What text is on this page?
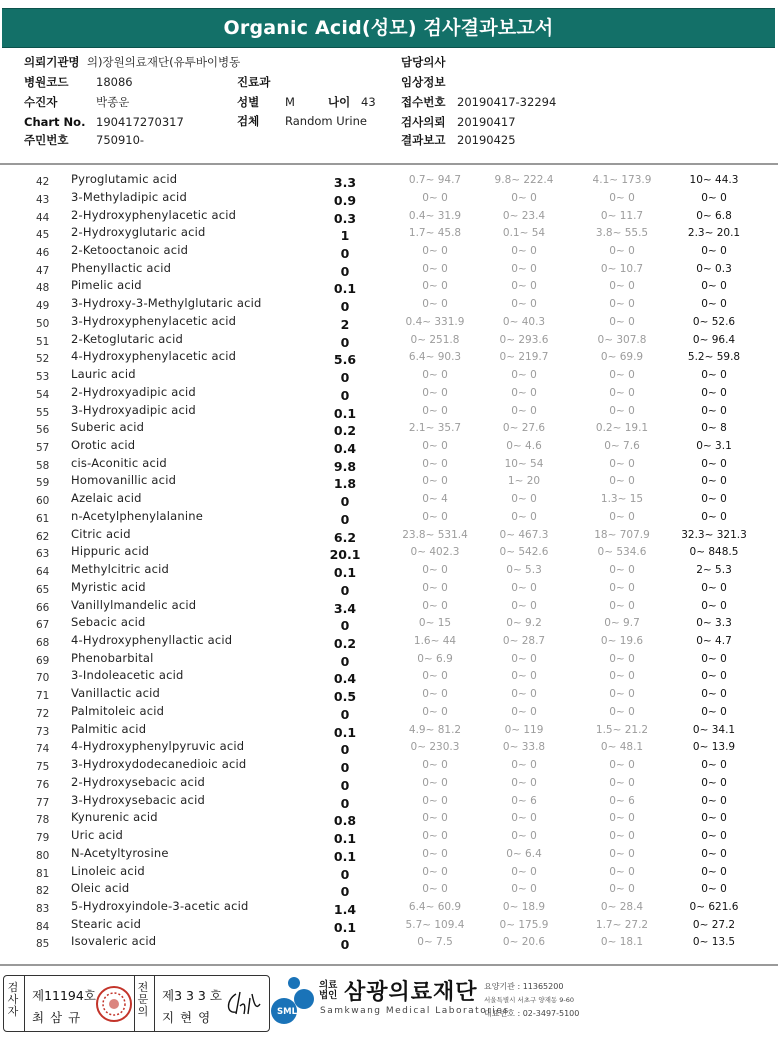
Organic Acid(성모) 검사결과보고서
의뢰기관명 의)장원의료재단(유투바이병동
병원코드 18086
수진자	박종운
Chart No. 190417270317
주민번호 750910-
진료과
성별 M	나이 43
검체 Random Urine
담당의사
임상정보
접수번호 20190417-32294
검사의뢰 20190417
결과보고 20190425
42	Pyroglutamic acid	3.3	0.7~ 94.7	9.8~ 222.4	4.1~ 173.9	10~ 44.3
43	3-Methyladipic acid	0.9	0~ 0	0~ 0	0~ 0	0~ 0
44	2-Hydroxyphenylacetic acid	0.3	0.4~ 31.9	0~ 23.4	0~ 11.7	0~ 6.8
45	2-Hydroxyglutaric acid	1	1.7~ 45.8	0.1~ 54	3.8~ 55.5	2.3~ 20.1
46	2-Ketooctanoic acid	0	0~ 0	0~ 0	0~ 0	0~ 0
47	Phenyllactic acid	0	0~ 0	0~ 0	0~ 10.7	0~ 0.3
48	Pimelic acid	0.1	0~ 0	0~ 0	0~ 0	0~ 0
49	3-Hydroxy-3-Methylglutaric acid	0	0~ 0	0~ 0	0~ 0	0~ 0
50	3-Hydroxyphenylacetic acid	2	0.4~ 331.9	0~ 40.3	0~ 0	0~ 52.6
51	2-Ketoglutaric acid	0	0~ 251.8	0~ 293.6	0~ 307.8	0~ 96.4
52	4-Hydroxyphenylacetic acid	5.6	6.4~ 90.3	0~ 219.7	0~ 69.9	5.2~ 59.8
53	Lauric acid	0	0~ 0	0~ 0	0~ 0	0~ 0
54	2-Hydroxyadipic acid	0	0~ 0	0~ 0	0~ 0	0~ 0
55	3-Hydroxyadipic acid	0.1	0~ 0	0~ 0	0~ 0	0~ 0
56	Suberic acid	0.2	2.1~ 35.7	0~ 27.6	0.2~ 19.1	0~ 8
57	Orotic acid	0.4	0~ 0	0~ 4.6	0~ 7.6	0~ 3.1
58	cis-Aconitic acid	9.8	0~ 0	10~ 54	0~ 0	0~ 0
59	Homovanillic acid	1.8	0~ 0	1~ 20	0~ 0	0~ 0
60	Azelaic acid	0	0~ 4	0~ 0	1.3~ 15	0~ 0
61	n-Acetylphenylalanine	0	0~ 0	0~ 0	0~ 0	0~ 0
62	Citric acid	6.2	23.8~ 531.4	0~ 467.3	18~ 707.9	32.3~ 321.3
63	Hippuric acid	20.1	0~ 402.3	0~ 542.6	0~ 534.6	0~ 848.5
64	Methylcitric acid	0.1	0~ 0	0~ 5.3	0~ 0	2~ 5.3
65	Myristic acid	0	0~ 0	0~ 0	0~ 0	0~ 0
66	Vanillylmandelic acid	3.4	0~ 0	0~ 0	0~ 0	0~ 0
67	Sebacic acid	0	0~ 15	0~ 9.2	0~ 9.7	0~ 3.3
68	4-Hydroxyphenyllactic acid	0.2	1.6~ 44	0~ 28.7	0~ 19.6	0~ 4.7
69	Phenobarbital	0	0~ 6.9	0~ 0	0~ 0	0~ 0
70	3-Indoleacetic acid	0.4	0~ 0	0~ 0	0~ 0	0~ 0
71	Vanillactic acid	0.5	0~ 0	0~ 0	0~ 0	0~ 0
72	Palmitoleic acid	0	0~ 0	0~ 0	0~ 0	0~ 0
73	Palmitic acid	0.1	4.9~ 81.2	0~ 119	1.5~ 21.2	0~ 34.1
74	4-Hydroxyphenylpyruvic acid	0	0~ 230.3	0~ 33.8	0~ 48.1	0~ 13.9
75	3-Hydroxydodecanedioic acid	0	0~ 0	0~ 0	0~ 0	0~ 0
76	2-Hydroxysebacic acid	0	0~ 0	0~ 0	0~ 0	0~ 0
77	3-Hydroxysebacic acid	0	0~ 0	0~ 6	0~ 6	0~ 0
78	Kynurenic acid	0.8	0~ 0	0~ 0	0~ 0	0~ 0
79	Uric acid	0.1	0~ 0	0~ 0	0~ 0	0~ 0
80	N-Acetyltyrosine	0.1	0~ 0	0~ 6.4	0~ 0	0~ 0
81	Linoleic acid	0	0~ 0	0~ 0	0~ 0	0~ 0
82	Oleic acid	0	0~ 0	0~ 0	0~ 0	0~ 0
83	5-Hydroxyindole-3-acetic acid	1.4	6.4~ 60.9	0~ 18.9	0~ 28.4	0~ 621.6
84	Stearic acid	0.1	5.7~ 109.4	0~ 175.9	1.7~ 27.2	0~ 27.2
85	Isovaleric acid	0	0~ 7.5	0~ 20.6	0~ 18.1	0~ 13.5
검사자
제11194호
최 삼 규
전문의
제3 3 3 호
지 현 영	SML
의료법인 삼광의료재단
Samkwang Medical Laboratories
요양기관 : 11365200
서울특별시 서초구 양재동 9-60
대표번호 : 02-3497-5100
